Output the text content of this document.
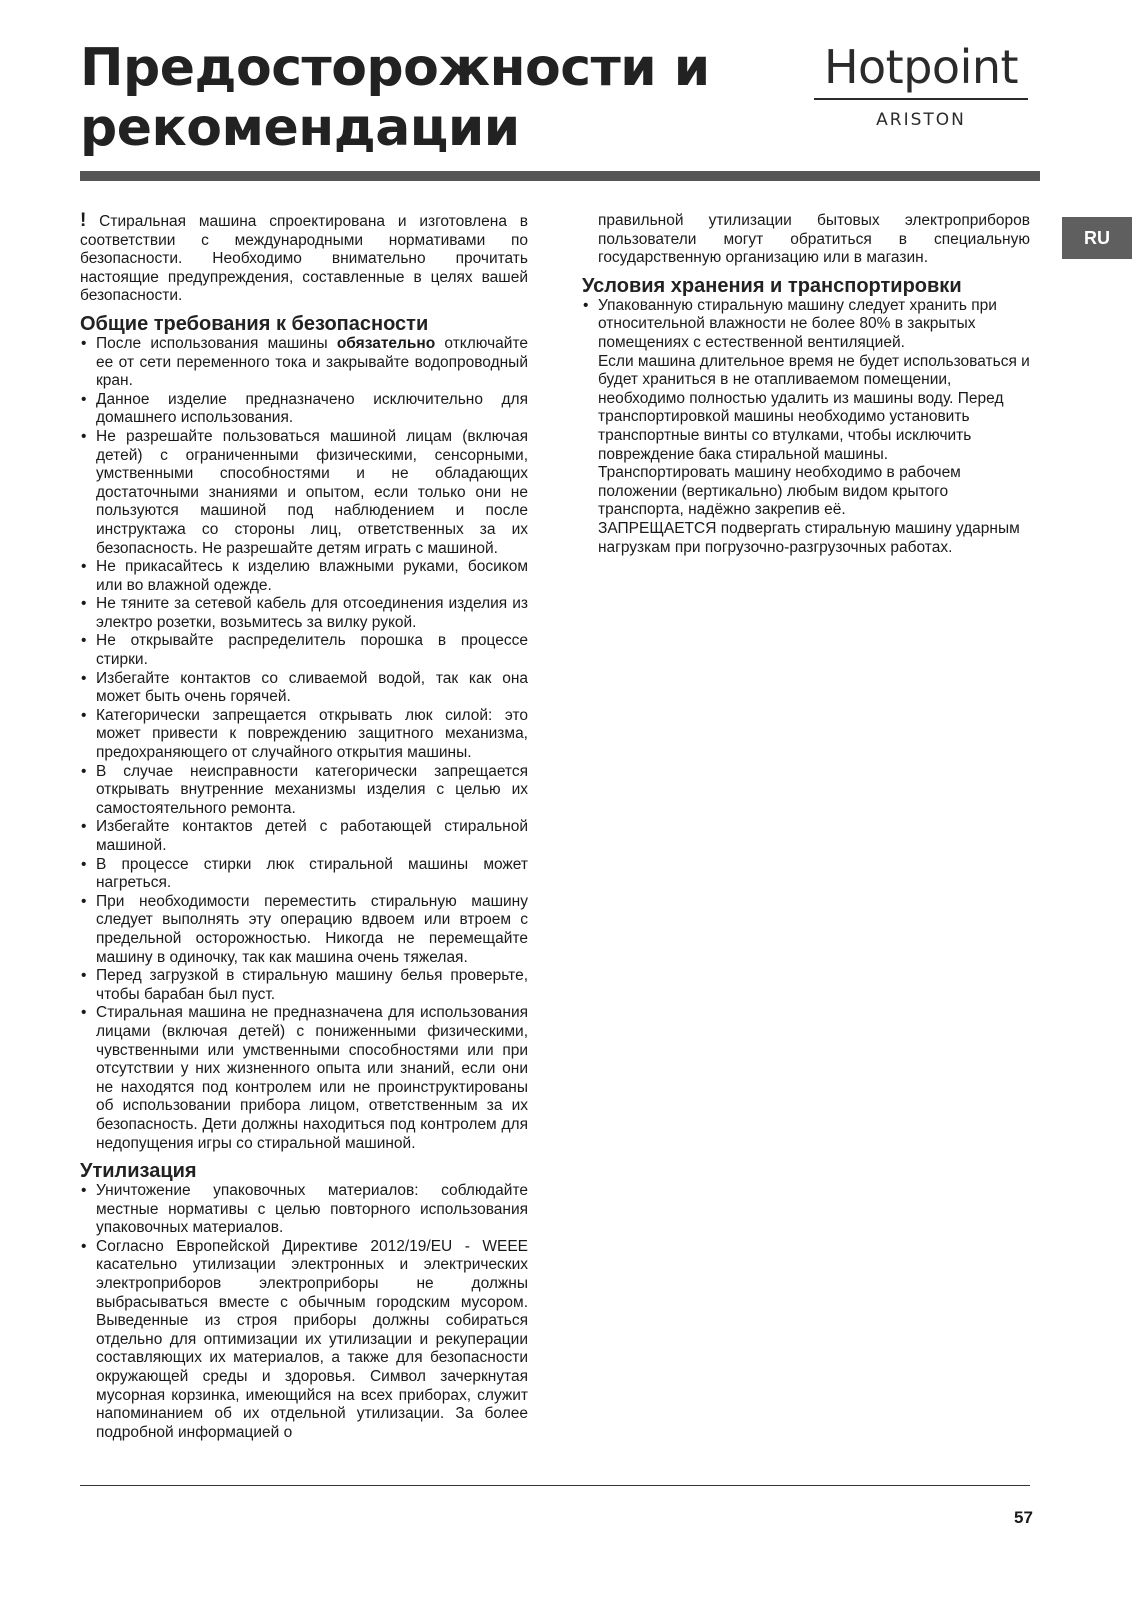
Предосторожности и рекомендации
Hotpoint
ARISTON
RU

! Стиральная машина спроектирована и изготовлена в соответствии с международными нормативами по безопасности. Необходимо внимательно прочитать настоящие предупреждения, составленные в целях вашей безопасности.

Общие требования к безопасности
• После использования машины обязательно отключайте ее от сети переменного тока и закрывайте водопроводный кран.
• Данное изделие предназначено исключительно для домашнего использования.
• Не разрешайте пользоваться машиной лицам (включая детей) с ограниченными физическими, сенсорными, умственными способностями и не обладающих достаточными знаниями и опытом, если только они не пользуются машиной под наблюдением и после инструктажа со стороны лиц, ответственных за их безопасность. Не разрешайте детям играть с машиной.
• Не прикасайтесь к изделию влажными руками, босиком или во влажной одежде.
• Не тяните за сетевой кабель для отсоединения изделия из электро розетки, возьмитесь за вилку рукой.
• Не открывайте распределитель порошка в процессе стирки.
• Избегайте контактов со сливаемой водой, так как она может быть очень горячей.
• Категорически запрещается открывать люк силой: это может привести к повреждению защитного механизма, предохраняющего от случайного открытия машины.
• В случае неисправности категорически запрещается открывать внутренние механизмы изделия с целью их самостоятельного ремонта.
• Избегайте контактов детей с работающей стиральной машиной.
• В процессе стирки люк стиральной машины может нагреться.
• При необходимости переместить стиральную машину следует выполнять эту операцию вдвоем или втроем с предельной осторожностью. Никогда не перемещайте машину в одиночку, так как машина очень тяжелая.
• Перед загрузкой в стиральную машину белья проверьте, чтобы барабан был пуст.
• Стиральная машина не предназначена для использования лицами (включая детей) с пониженными физическими, чувственными или умственными способностями или при отсутствии у них жизненного опыта или знаний, если они не находятся под контролем или не проинструктированы об использовании прибора лицом, ответственным за их безопасность. Дети должны находиться под контролем для недопущения игры со стиральной машиной.
Утилизация
• Уничтожение упаковочных материалов: соблюдайте местные нормативы с целью повторного использования упаковочных материалов.
• Согласно Европейской Директиве 2012/19/EU - WEEE касательно утилизации электронных и электрических электроприборов электроприборы не должны выбрасываться вместе с обычным городским мусором. Выведенные из строя приборы должны собираться отдельно для оптимизации их утилизации и рекуперации составляющих их материалов, а также для безопасности окружающей среды и здоровья. Символ зачеркнутая мусорная корзинка, имеющийся на всех приборах, служит напоминанием об их отдельной утилизации. За более подробной информацией о

правильной утилизации бытовых электроприборов пользователи могут обратиться в специальную государственную организацию или в магазин.

Условия хранения и транспортировки

• Упакованную стиральную машину следует хранить при относительной влажности не более 80% в закрытых помещениях с естественной вентиляцией.

Если машина длительное время не будет использоваться и будет храниться в не отапливаемом помещении, необходимо полностью удалить из машины воду. Перед транспортировкой машины необходимо установить транспортные винты со втулками, чтобы исключить повреждение бака стиральной машины.

Транспортировать машину необходимо в рабочем положении (вертикально) любым видом крытого транспорта, надёжно закрепив её.

ЗАПРЕЩАЕТСЯ подвергать стиральную машину ударным нагрузкам при погрузочно-разгрузочных работах.

57
